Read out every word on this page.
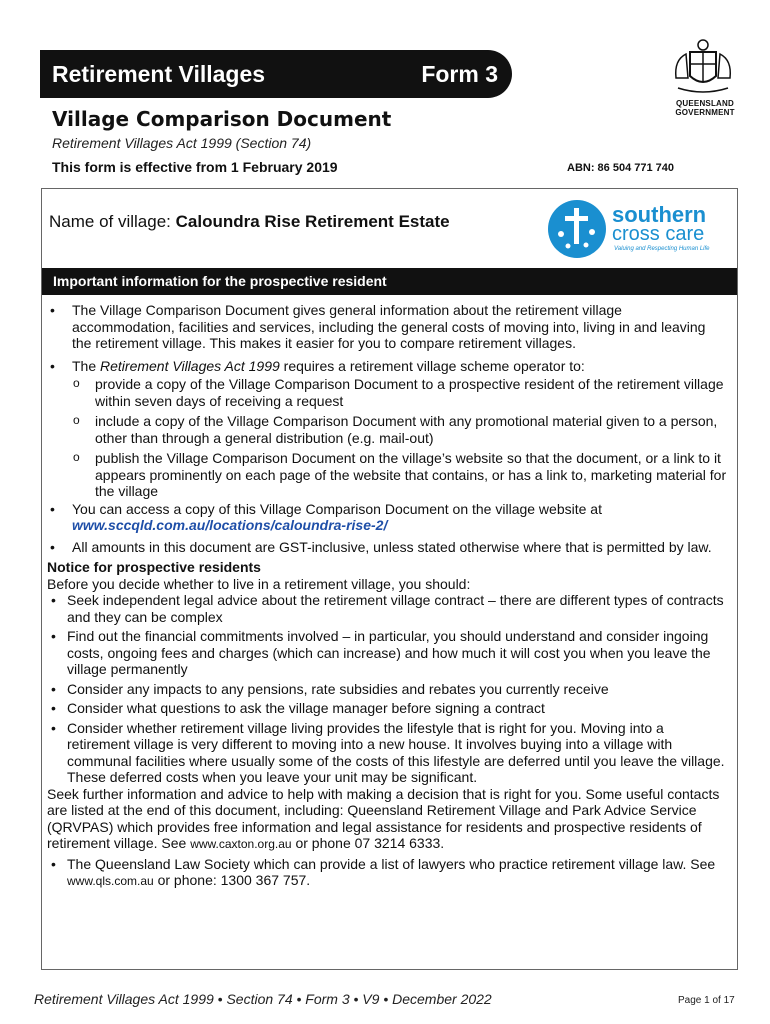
Retirement Villages	Form 3
QUEENSLAND GOVERNMENT
Village Comparison Document
Retirement Villages Act 1999 (Section 74)
This form is effective from 1 February 2019	ABN: 86 504 771 740
Name of village: Caloundra Rise Retirement Estate	southern
cross care
Valuing and Respecting Human Life
Important information for the prospective resident
• The Village Comparison Document gives general information about the retirement village accommodation, facilities and services, including the general costs of moving into, living in and leaving the retirement village. This makes it easier for you to compare retirement villages.
• The Retirement Villages Act 1999 requires a retirement village scheme operator to:
o provide a copy of the Village Comparison Document to a prospective resident of the retirement village within seven days of receiving a request
o include a copy of the Village Comparison Document with any promotional material given to a person, other than through a general distribution (e.g. mail-out)
o publish the Village Comparison Document on the village’s website so that the document, or a link to it appears prominently on each page of the website that contains, or has a link to, marketing material for the village
• You can access a copy of this Village Comparison Document on the village website at
www.sccqld.com.au/locations/caloundra-rise-2/
• All amounts in this document are GST-inclusive, unless stated otherwise where that is permitted by law.
Notice for prospective residents
Before you decide whether to live in a retirement village, you should:
• Seek independent legal advice about the retirement village contract – there are different types of contracts and they can be complex
• Find out the financial commitments involved – in particular, you should understand and consider ingoing costs, ongoing fees and charges (which can increase) and how much it will cost you when you leave the village permanently
• Consider any impacts to any pensions, rate subsidies and rebates you currently receive
• Consider what questions to ask the village manager before signing a contract
• Consider whether retirement village living provides the lifestyle that is right for you. Moving into a retirement village is very different to moving into a new house. It involves buying into a village with communal facilities where usually some of the costs of this lifestyle are deferred until you leave the village. These deferred costs when you leave your unit may be significant.
Seek further information and advice to help with making a decision that is right for you. Some useful contacts are listed at the end of this document, including: Queensland Retirement Village and Park Advice Service (QRVPAS) which provides free information and legal assistance for residents and prospective residents of retirement village. See www.caxton.org.au or phone 07 3214 6333.
• The Queensland Law Society which can provide a list of lawyers who practice retirement village law. See www.qls.com.au or phone: 1300 367 757.
Retirement Villages Act 1999 • Section 74 • Form 3 • V9 • December 2022	Page 1 of 17
